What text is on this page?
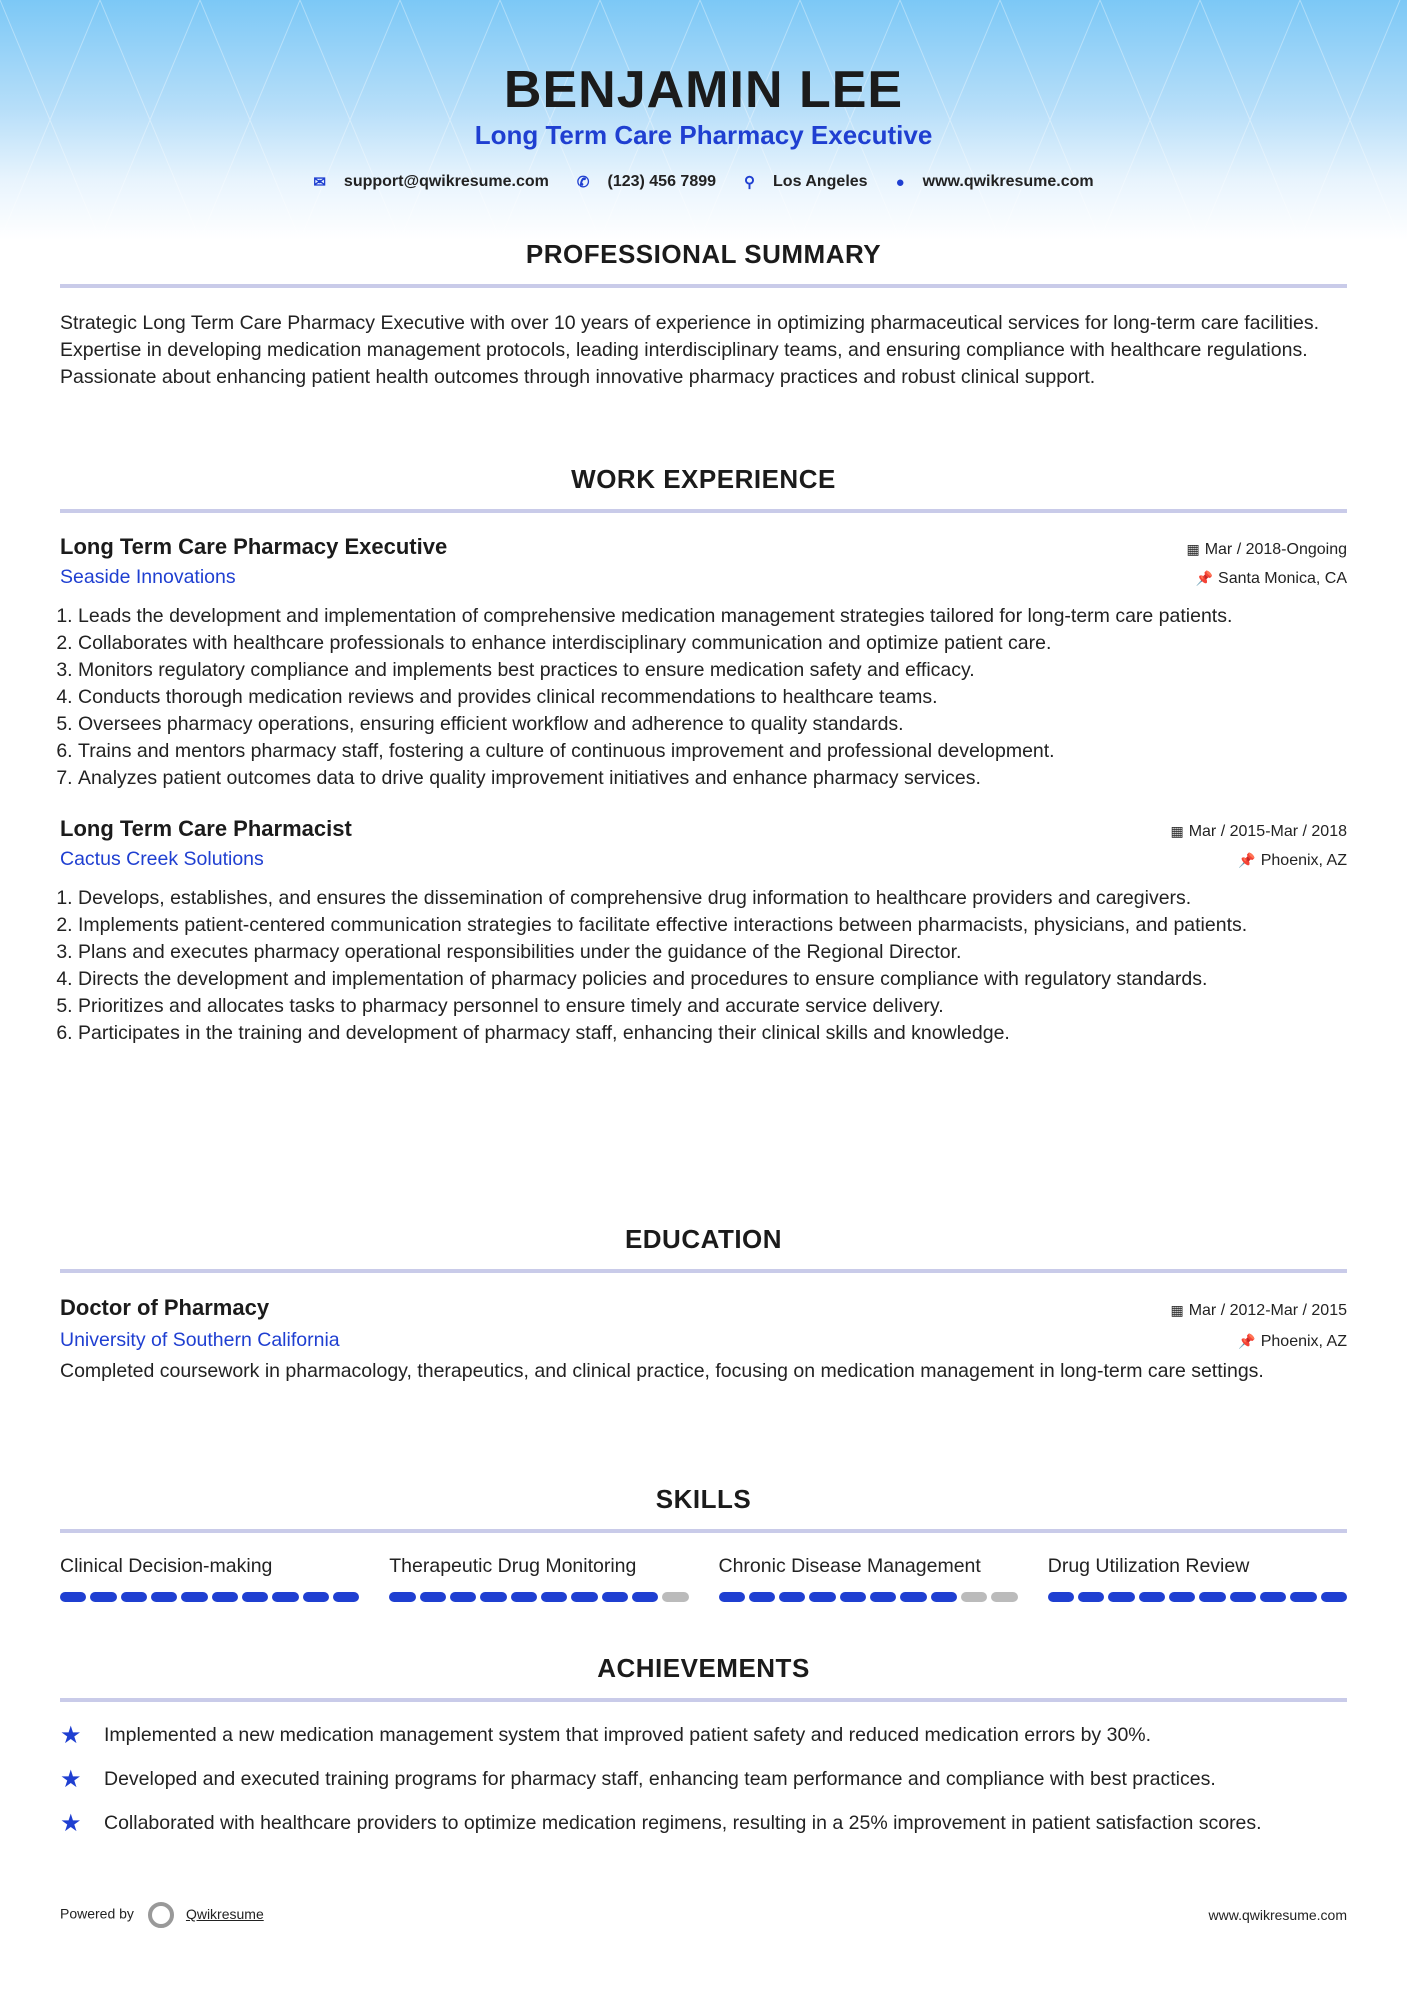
BENJAMIN LEE
Long Term Care Pharmacy Executive
✉ support@qwikresume.com ✆ (123) 456 7899 ⚲ Los Angeles ● www.qwikresume.com
PROFESSIONAL SUMMARY
Strategic Long Term Care Pharmacy Executive with over 10 years of experience in optimizing pharmaceutical services for long-term care facilities. Expertise in developing medication management protocols, leading interdisciplinary teams, and ensuring compliance with healthcare regulations. Passionate about enhancing patient health outcomes through innovative pharmacy practices and robust clinical support.
WORK EXPERIENCE
Long Term Care Pharmacy Executive	▦ Mar / 2018-Ongoing
Seaside Innovations	📌 Santa Monica, CA
1. Leads the development and implementation of comprehensive medication management strategies tailored for long-term care patients.
2. Collaborates with healthcare professionals to enhance interdisciplinary communication and optimize patient care.
3. Monitors regulatory compliance and implements best practices to ensure medication safety and efficacy.
4. Conducts thorough medication reviews and provides clinical recommendations to healthcare teams.
5. Oversees pharmacy operations, ensuring efficient workflow and adherence to quality standards.
6. Trains and mentors pharmacy staff, fostering a culture of continuous improvement and professional development.
7. Analyzes patient outcomes data to drive quality improvement initiatives and enhance pharmacy services.
Long Term Care Pharmacist	▦ Mar / 2015-Mar / 2018
Cactus Creek Solutions	📌 Phoenix, AZ
1. Develops, establishes, and ensures the dissemination of comprehensive drug information to healthcare providers and caregivers.
2. Implements patient-centered communication strategies to facilitate effective interactions between pharmacists, physicians, and patients.
3. Plans and executes pharmacy operational responsibilities under the guidance of the Regional Director.
4. Directs the development and implementation of pharmacy policies and procedures to ensure compliance with regulatory standards.
5. Prioritizes and allocates tasks to pharmacy personnel to ensure timely and accurate service delivery.
6. Participates in the training and development of pharmacy staff, enhancing their clinical skills and knowledge.
EDUCATION
Doctor of Pharmacy	▦ Mar / 2012-Mar / 2015
University of Southern California	📌 Phoenix, AZ
Completed coursework in pharmacology, therapeutics, and clinical practice, focusing on medication management in long-term care settings.
SKILLS
Clinical Decision-making	Therapeutic Drug Monitoring	Chronic Disease Management	Drug Utilization Review
ACHIEVEMENTS
★	Implemented a new medication management system that improved patient safety and reduced medication errors by 30%.
★	Developed and executed training programs for pharmacy staff, enhancing team performance and compliance with best practices.
★	Collaborated with healthcare providers to optimize medication regimens, resulting in a 25% improvement in patient satisfaction scores.
Powered by	Qwikresume	www.qwikresume.com
